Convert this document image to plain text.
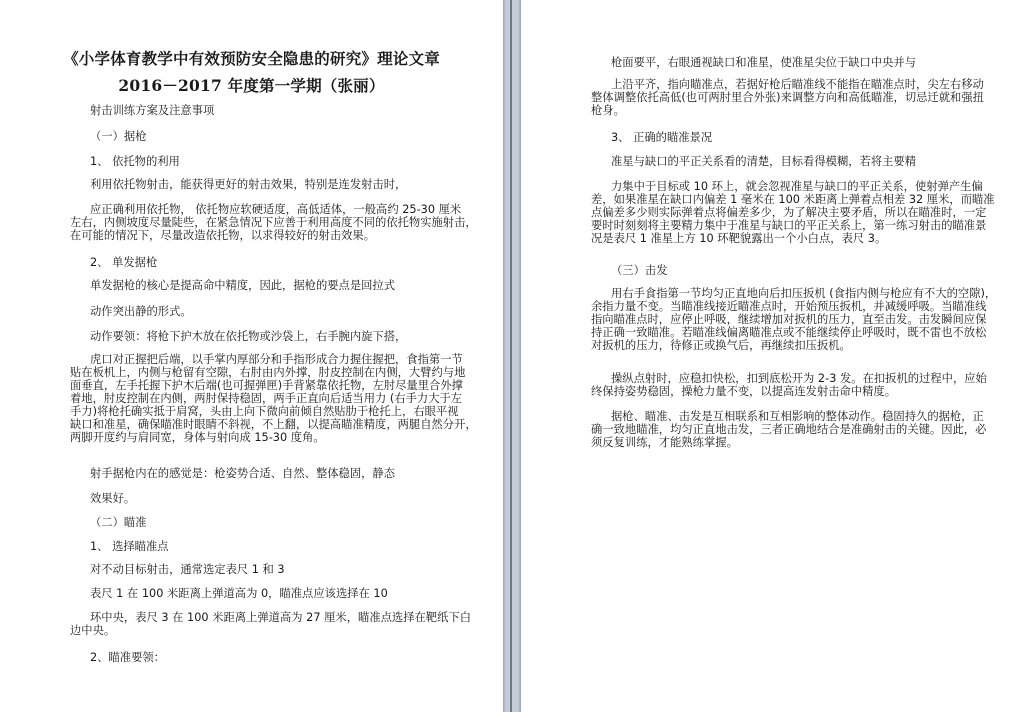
《小学体育教学中有效预防安全隐患的研究》理论文章
2016－2017 年度第一学期（张丽）
射击训练方案及注意事项
（一）据枪
1、 依托物的利用
利用依托物射击，能获得更好的射击效果，特别是连发射击时，
应正确利用依托物， 依托物应软硬适度，高低适体，一般高约 25-30 厘米
左右，内侧坡度尽量陡些，在紧急情况下应善于利用高度不同的依托物实施射击，
在可能的情况下，尽量改造依托物，以求得较好的射击效果。
2、 单发据枪
单发据枪的核心是提高命中精度，因此，据枪的要点是回拉式
动作突出静的形式。
动作要领：将枪下护木放在依托物或沙袋上，右手腕内旋下搭，
虎口对正握把后端，以手掌内厚部分和手指形成合力握住握把，食指第一节
贴在板机上，内侧与枪留有空隙，右肘由内外撑，肘皮控制在内侧，大臂约与地
面垂直，左手托握下护木后端(也可握弹匣)手背紧靠依托物，左肘尽量里合外撑
着地，肘皮控制在内侧，两肘保持稳固，两手正直向后适当用力 (右手力大于左
手力)将枪托确实抵于肩窝，头由上向下微向前倾自然贴肋于枪托上，右眼平视
缺口和准星，确保瞄准时眼睛不斜视，不上翻，以提高瞄准精度，两腿自然分开，
两脚开度约与肩同宽，身体与射向成 15-30 度角。
射手据枪内在的感觉是：枪姿势合适、自然、整体稳固，静态
效果好。
（二）瞄准
1、 选择瞄准点
对不动目标射击，通常选定表尺 1 和 3
表尺 1 在 100 米距离上弹道高为 0，瞄准点应该选择在 10
环中央，表尺 3 在 100 米距离上弹道高为 27 厘米，瞄准点选择在靶纸下白
边中央。
2、瞄准要领：
枪面要平，右眼通视缺口和准星，使准星尖位于缺口中央并与
上沿平齐，指向瞄准点，若据好枪后瞄准线不能指在瞄准点时，尖左右移动
整体调整依托高低(也可两肘里合外张)来调整方向和高低瞄准，切忌迁就和强扭
枪身。
3、 正确的瞄准景况
准星与缺口的平正关系看的清楚，目标看得模糊，若将主要精
力集中于目标或 10 环上，就会忽视准星与缺口的平正关系，使射弹产生偏
差，如果准星在缺口内偏差 1 毫米在 100 米距离上弹着点相差 32 厘米，而瞄准
点偏差多少则实际弹着点将偏差多少，为了解决主要矛盾，所以在瞄准时，一定
要时时刻刻将主要精力集中于准星与缺口的平正关系上，第一练习射击的瞄准景
况是表尺 1 准星上方 10 环靶貌露出一个小白点，表尺 3。
（三）击发
用右手食指第一节均匀正直地向后扣压扳机 (食指内侧与枪应有不大的空隙)，
余指力量不变。当瞄准线接近瞄准点时，开始预压扳机，并减缓呼吸。当瞄准线
指向瞄准点时，应停止呼吸，继续增加对扳机的压力，直至击发。击发瞬间应保
持正确一致瞄准。若瞄准线偏离瞄准点或不能继续停止呼吸时，既不雷也不放松
对扳机的压力，待修正或换气后，再继续扣压扳机。
操纵点射时，应稳扣快松，扣到底松开为 2-3 发。在扣扳机的过程中，应始
终保持姿势稳固，操枪力量不变，以提高连发射击命中精度。
据枪、瞄准、击发是互相联系和互相影响的整体动作。稳固持久的据枪，正
确一致地瞄准，均匀正直地击发，三者正确地结合是准确射击的关键。因此，必
须反复训练，才能熟练掌握。
